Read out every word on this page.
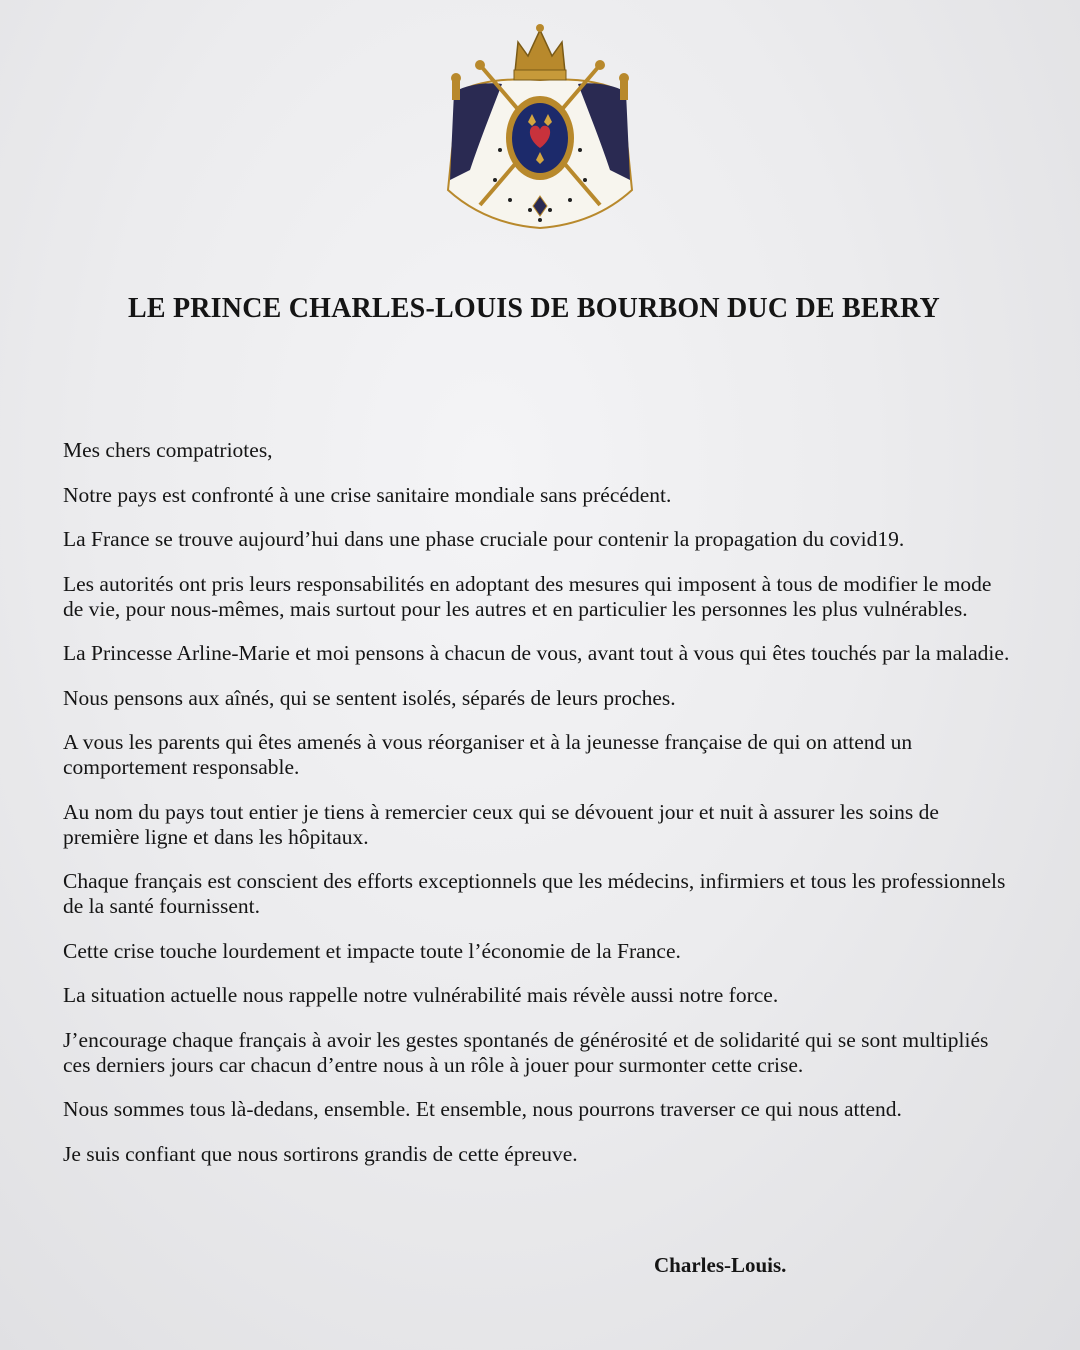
LE PRINCE CHARLES-LOUIS DE BOURBON DUC DE BERRY

Mes chers compatriotes,

Notre pays est confronté à une crise sanitaire mondiale sans précédent.

La France se trouve aujourd’hui dans une phase cruciale pour contenir la propagation du covid19.

Les autorités ont pris leurs responsabilités en adoptant des mesures qui imposent à tous de modifier le mode de vie, pour nous-mêmes, mais surtout pour les autres et en particulier les personnes les plus vulnérables.

La Princesse Arline-Marie et moi pensons à chacun de vous, avant tout à vous qui êtes touchés par la maladie.

Nous pensons aux aînés, qui se sentent isolés, séparés de leurs proches.

A vous les parents qui êtes amenés à vous réorganiser et à la jeunesse française de qui on attend un comportement responsable.

Au nom du pays tout entier je tiens à remercier ceux qui se dévouent jour et nuit à assurer les soins de première ligne et dans les hôpitaux.

Chaque français est conscient des efforts exceptionnels que les médecins, infirmiers et tous les professionnels de la santé fournissent.

Cette crise touche lourdement et impacte toute l’économie de la France.

La situation actuelle nous rappelle notre vulnérabilité mais révèle aussi notre force.

J’encourage chaque français à avoir les gestes spontanés de générosité et de solidarité qui se sont multipliés ces derniers jours car chacun d’entre nous à un rôle à jouer pour surmonter cette crise.

Nous sommes tous là-dedans, ensemble. Et ensemble, nous pourrons traverser ce qui nous attend.

Je suis confiant que nous sortirons grandis de cette épreuve.

Charles-Louis.
